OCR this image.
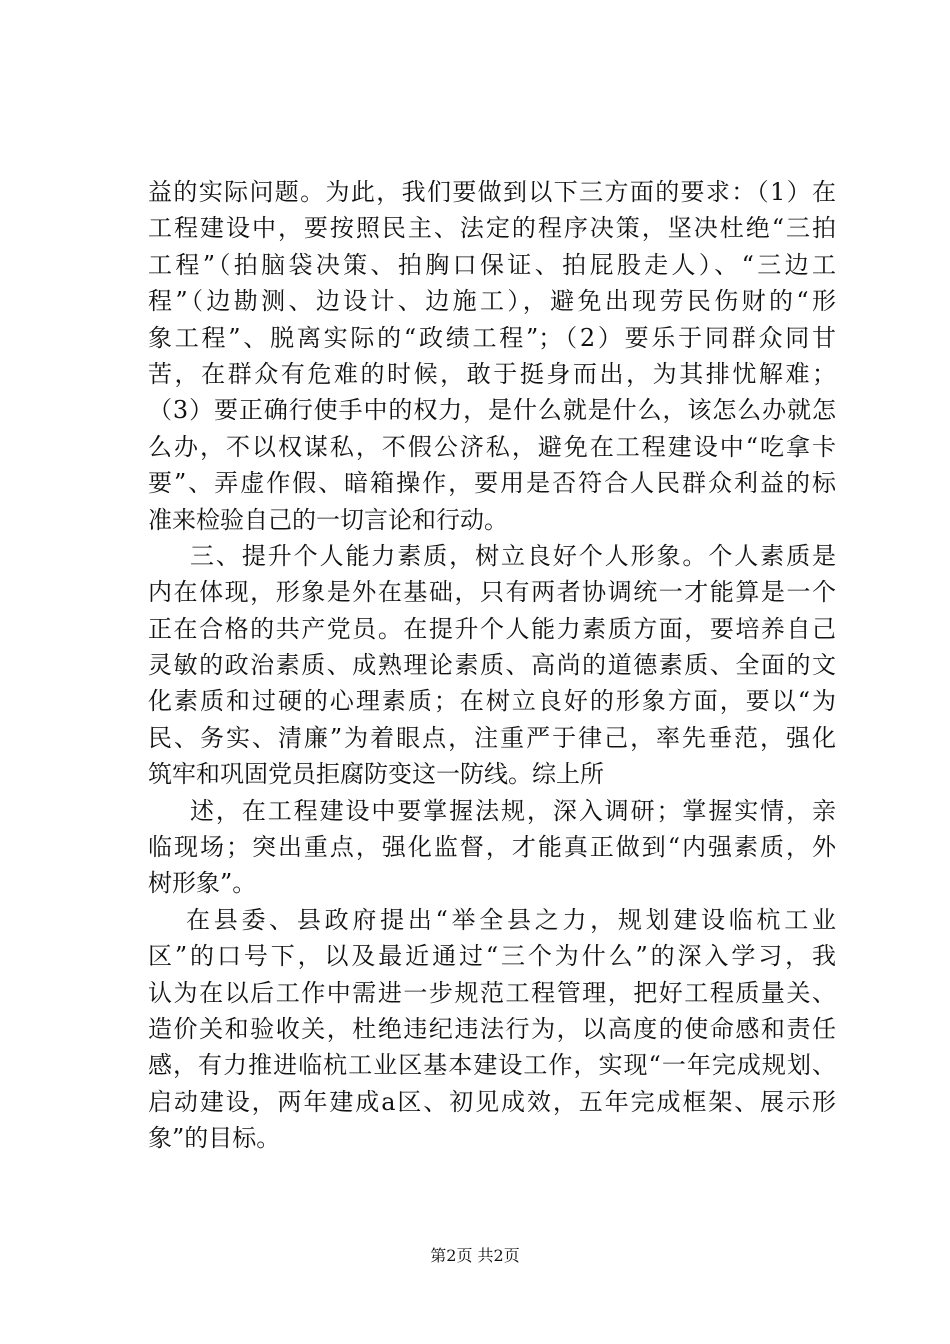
益的实际问题。为此，我们要做到以下三方面的要求：（1）在
工程建设中，要按照民主、法定的程序决策，坚决杜绝“三拍
工程”（拍脑袋决策、拍胸口保证、拍屁股走人）、“三边工
程”（边勘测、边设计、边施工），避免出现劳民伤财的“形
象工程”、脱离实际的“政绩工程”；（2）要乐于同群众同甘
苦，在群众有危难的时候，敢于挺身而出，为其排忧解难；
（3）要正确行使手中的权力，是什么就是什么，该怎么办就怎
么办，不以权谋私，不假公济私，避免在工程建设中“吃拿卡
要”、弄虚作假、暗箱操作，要用是否符合人民群众利益的标
准来检验自己的一切言论和行动。
三、提升个人能力素质，树立良好个人形象。个人素质是
内在体现，形象是外在基础，只有两者协调统一才能算是一个
正在合格的共产党员。在提升个人能力素质方面，要培养自己
灵敏的政治素质、成熟理论素质、高尚的道德素质、全面的文
化素质和过硬的心理素质；在树立良好的形象方面，要以“为
民、务实、清廉”为着眼点，注重严于律己，率先垂范，强化
筑牢和巩固党员拒腐防变这一防线。综上所
述，在工程建设中要掌握法规，深入调研；掌握实情，亲
临现场；突出重点，强化监督，才能真正做到“内强素质，外
树形象”。
在县委、县政府提出“举全县之力，规划建设临杭工业
区”的口号下，以及最近通过“三个为什么”的深入学习，我
认为在以后工作中需进一步规范工程管理，把好工程质量关、
造价关和验收关，杜绝违纪违法行为，以高度的使命感和责任
感，有力推进临杭工业区基本建设工作，实现“一年完成规划、
启动建设，两年建成a区、初见成效，五年完成框架、展示形
象”的目标。
第2页 共2页
